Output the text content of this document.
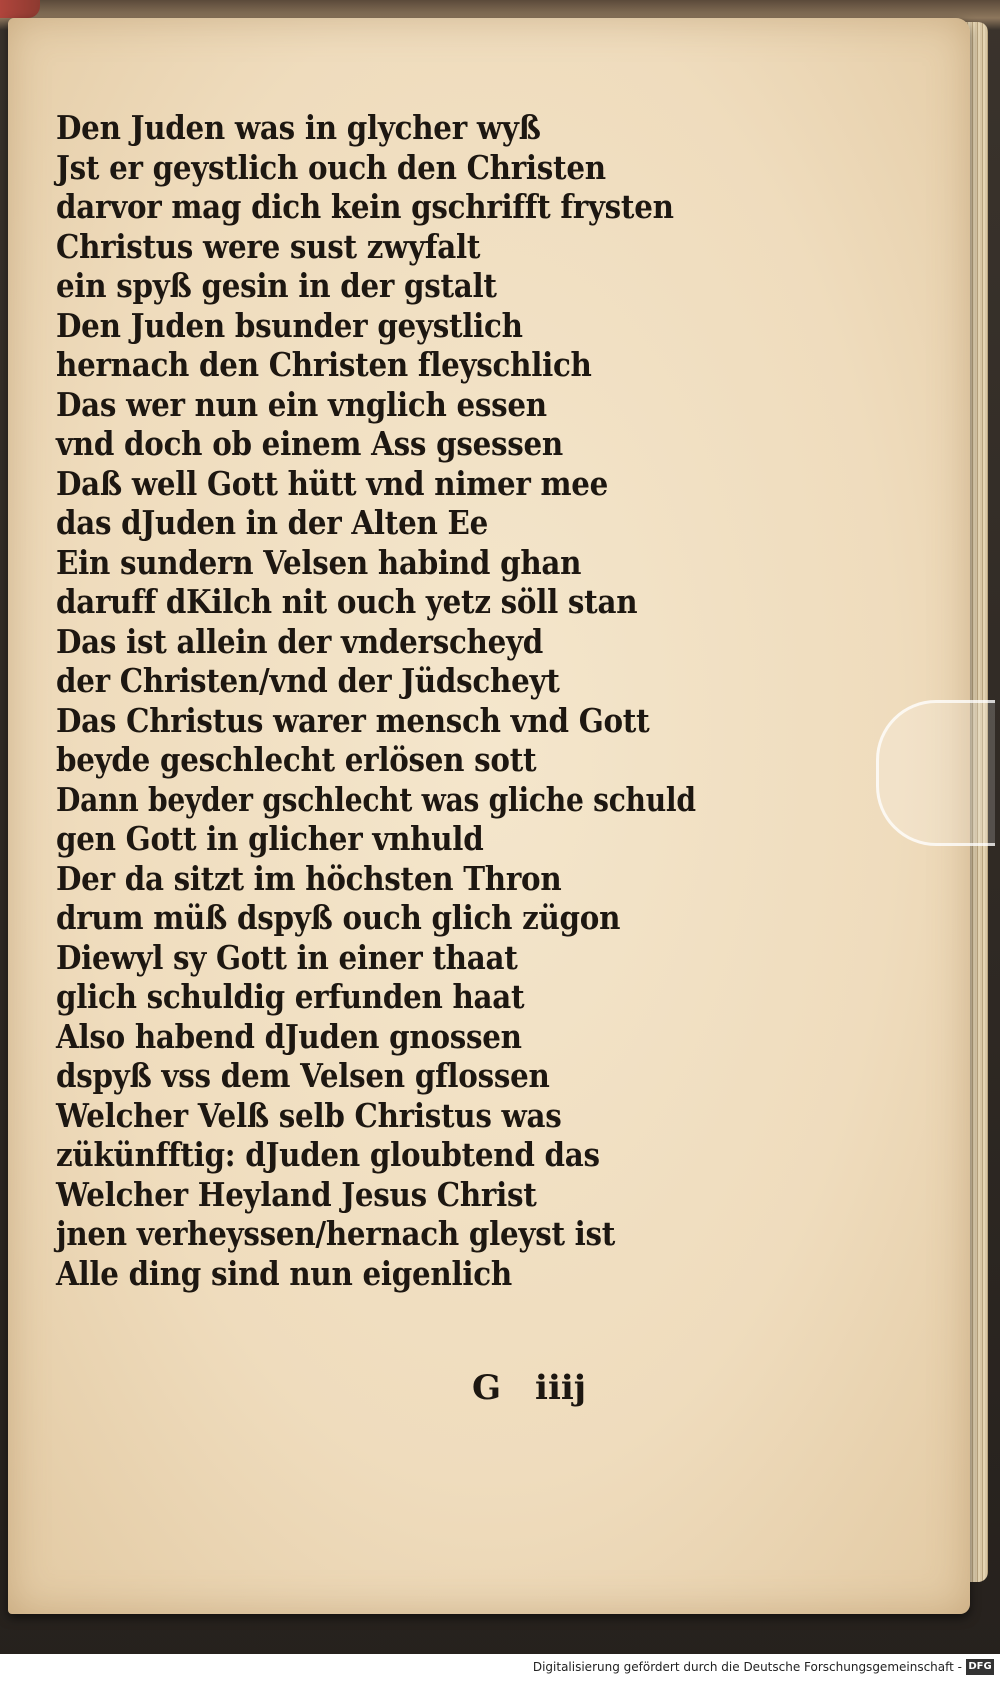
Den Juden was in glycher wyß
Jst er geystlich ouch den Christen
darvor mag dich kein gschrifft frysten
Christus were sust zwyfalt
ein spyß gesin in der gstalt
Den Juden bsunder geystlich
hernach den Christen fleyschlich
Das wer nun ein vnglich essen
vnd doch ob einem Ass gsessen
Daß well Gott hütt vnd nimer mee
das dJuden in der Alten Ee
Ein sundern Velsen habind ghan
daruff dKilch nit ouch yetz söll stan
Das ist allein der vnderscheyd
der Christen/vnd der Jüdscheyt
Das Christus warer mensch vnd Gott
beyde geschlecht erlösen sott
Dann beyder gschlecht was gliche schuld
gen Gott in glicher vnhuld
Der da sitzt im höchsten Thron
drum müß dspyß ouch glich zügon
Diewyl sy Gott in einer thaat
glich schuldig erfunden haat
Also habend dJuden gnossen
dspyß vss dem Velsen gflossen
Welcher Velß selb Christus was
zükünfftig: dJuden gloubtend das
Welcher Heyland Jesus Christ
jnen verheyssen/hernach gleyst ist
Alle ding sind nun eigenlich
G iiij
Digitalisierung gefördert durch die Deutsche Forschungsgemeinschaft - DFG
